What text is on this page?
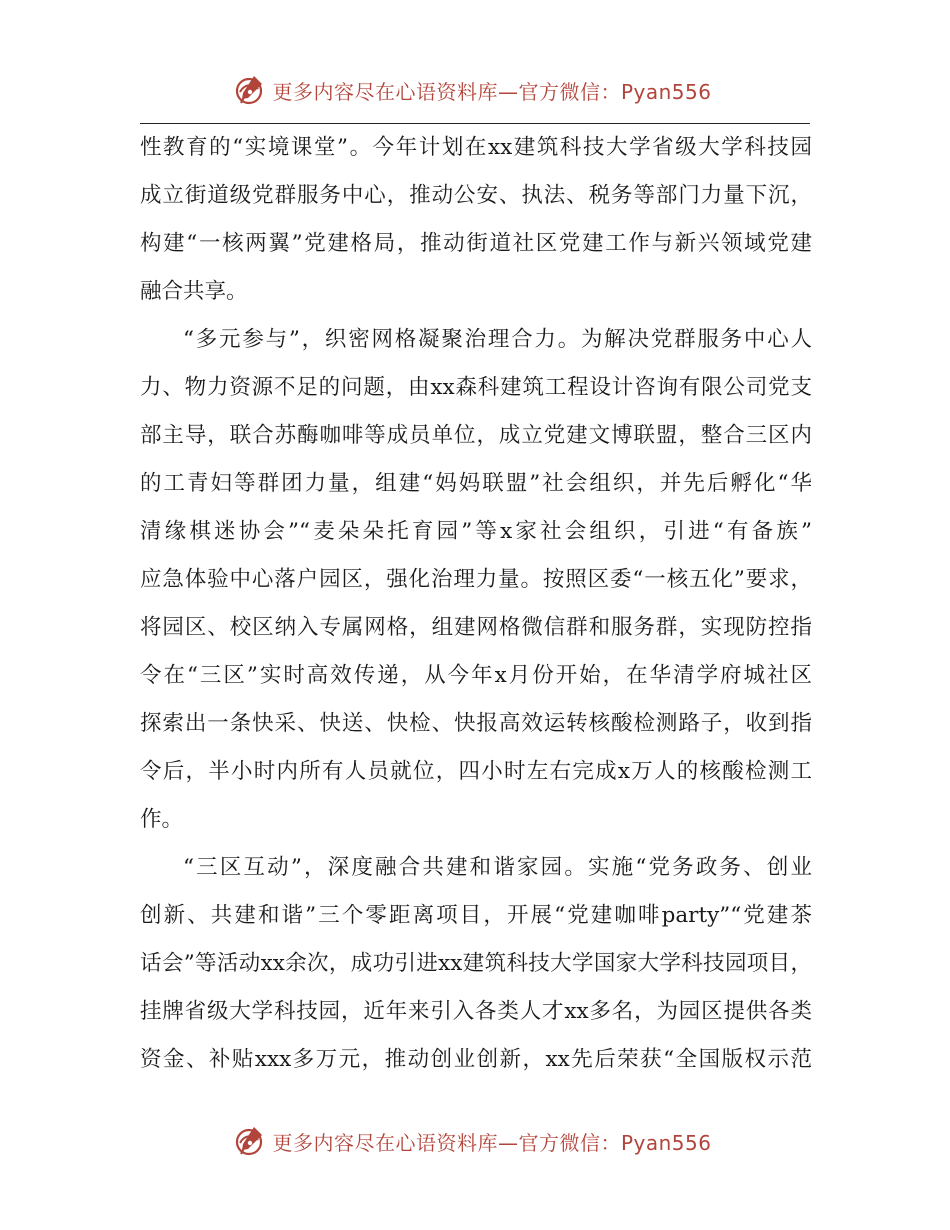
更多内容尽在心语资料库—官方微信：Pyan556
性教育的“实境课堂”。今年计划在xx建筑科技大学省级大学科技园
成立街道级党群服务中心，推动公安、执法、税务等部门力量下沉，
构建“一核两翼”党建格局，推动街道社区党建工作与新兴领域党建
融合共享。
“多元参与”，织密网格凝聚治理合力。为解决党群服务中心人
力、物力资源不足的问题，由xx森科建筑工程设计咨询有限公司党支
部主导，联合苏酶咖啡等成员单位，成立党建文博联盟，整合三区内
的工青妇等群团力量，组建“妈妈联盟”社会组织，并先后孵化“华
清缘棋迷协会”“麦朵朵托育园”等x家社会组织，引进“有备族”
应急体验中心落户园区，强化治理力量。按照区委“一核五化”要求，
将园区、校区纳入专属网格，组建网格微信群和服务群，实现防控指
令在“三区”实时高效传递，从今年x月份开始，在华清学府城社区
探索出一条快采、快送、快检、快报高效运转核酸检测路子，收到指
令后，半小时内所有人员就位，四小时左右完成x万人的核酸检测工
作。
“三区互动”，深度融合共建和谐家园。实施“党务政务、创业
创新、共建和谐”三个零距离项目，开展“党建咖啡party”“党建茶
话会”等活动xx余次，成功引进xx建筑科技大学国家大学科技园项目，
挂牌省级大学科技园，近年来引入各类人才xx多名，为园区提供各类
资金、补贴xxx多万元，推动创业创新，xx先后荣获“全国版权示范
更多内容尽在心语资料库—官方微信：Pyan556
